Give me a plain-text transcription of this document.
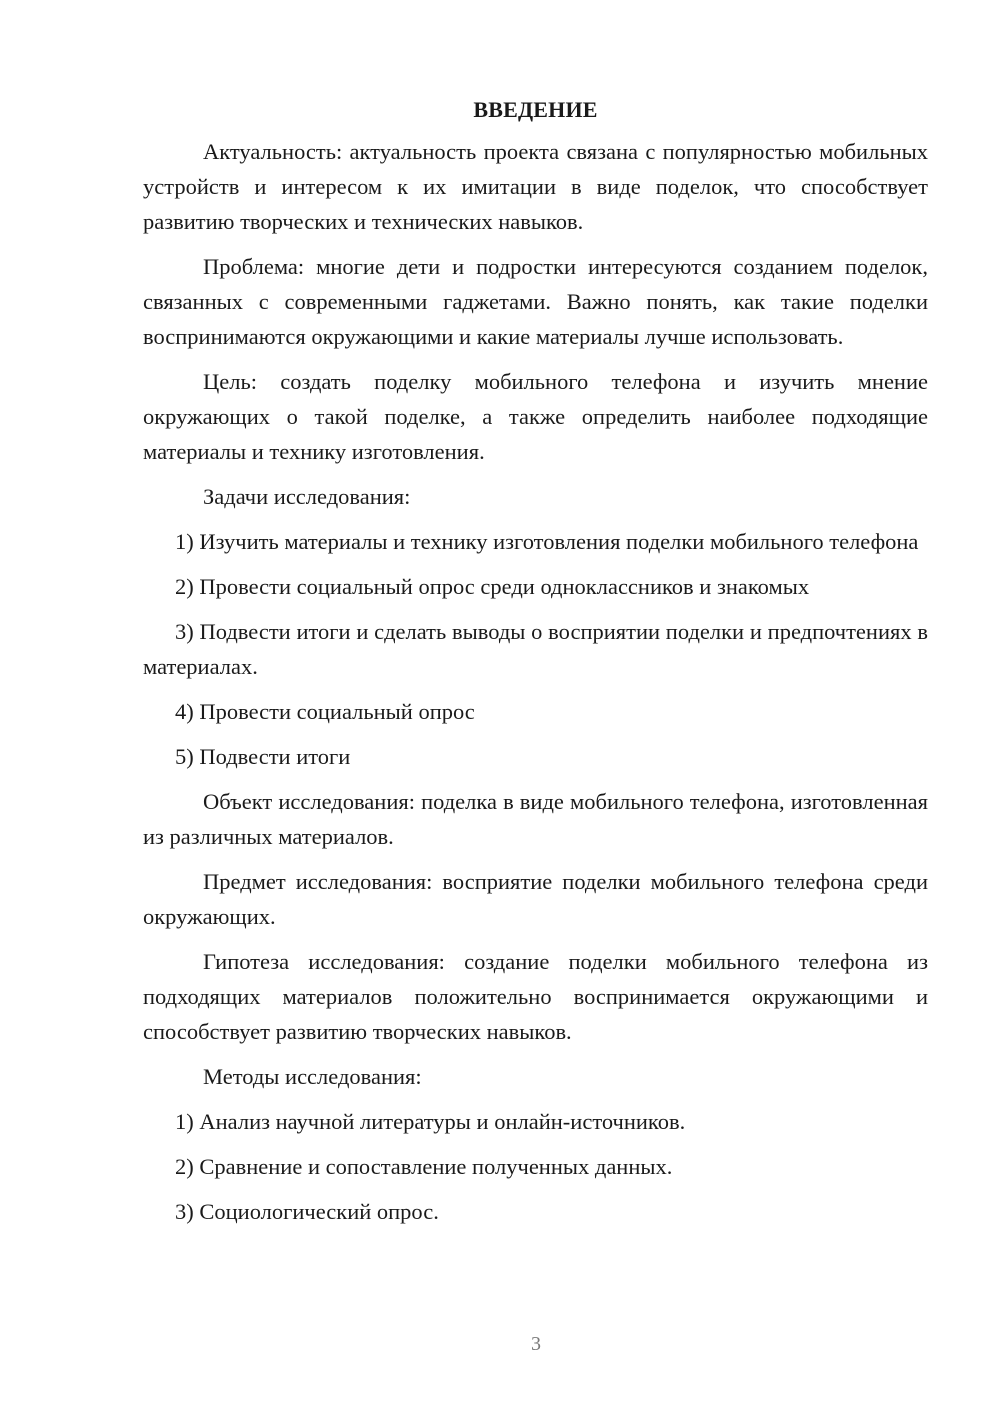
ВВЕДЕНИЕ

Актуальность: актуальность проекта связана с популярностью мобильных устройств и интересом к их имитации в виде поделок, что способствует развитию творческих и технических навыков.

Проблема: многие дети и подростки интересуются созданием поделок, связанных с современными гаджетами. Важно понять, как такие поделки воспринимаются окружающими и какие материалы лучше использовать.

Цель: создать поделку мобильного телефона и изучить мнение окружающих о такой поделке, а также определить наиболее подходящие материалы и технику изготовления.

Задачи исследования:

1) Изучить материалы и технику изготовления поделки мобильного телефона

2) Провести социальный опрос среди одноклассников и знакомых

3) Подвести итоги и сделать выводы о восприятии поделки и предпочтениях в материалах.

4) Провести социальный опрос

5) Подвести итоги

Объект исследования: поделка в виде мобильного телефона, изготовленная из различных материалов.

Предмет исследования: восприятие поделки мобильного телефона среди окружающих.

Гипотеза исследования: создание поделки мобильного телефона из подходящих материалов положительно воспринимается окружающими и способствует развитию творческих навыков.

Методы исследования:

1) Анализ научной литературы и онлайн-источников.

2) Сравнение и сопоставление полученных данных.

3) Социологический опрос.

3
